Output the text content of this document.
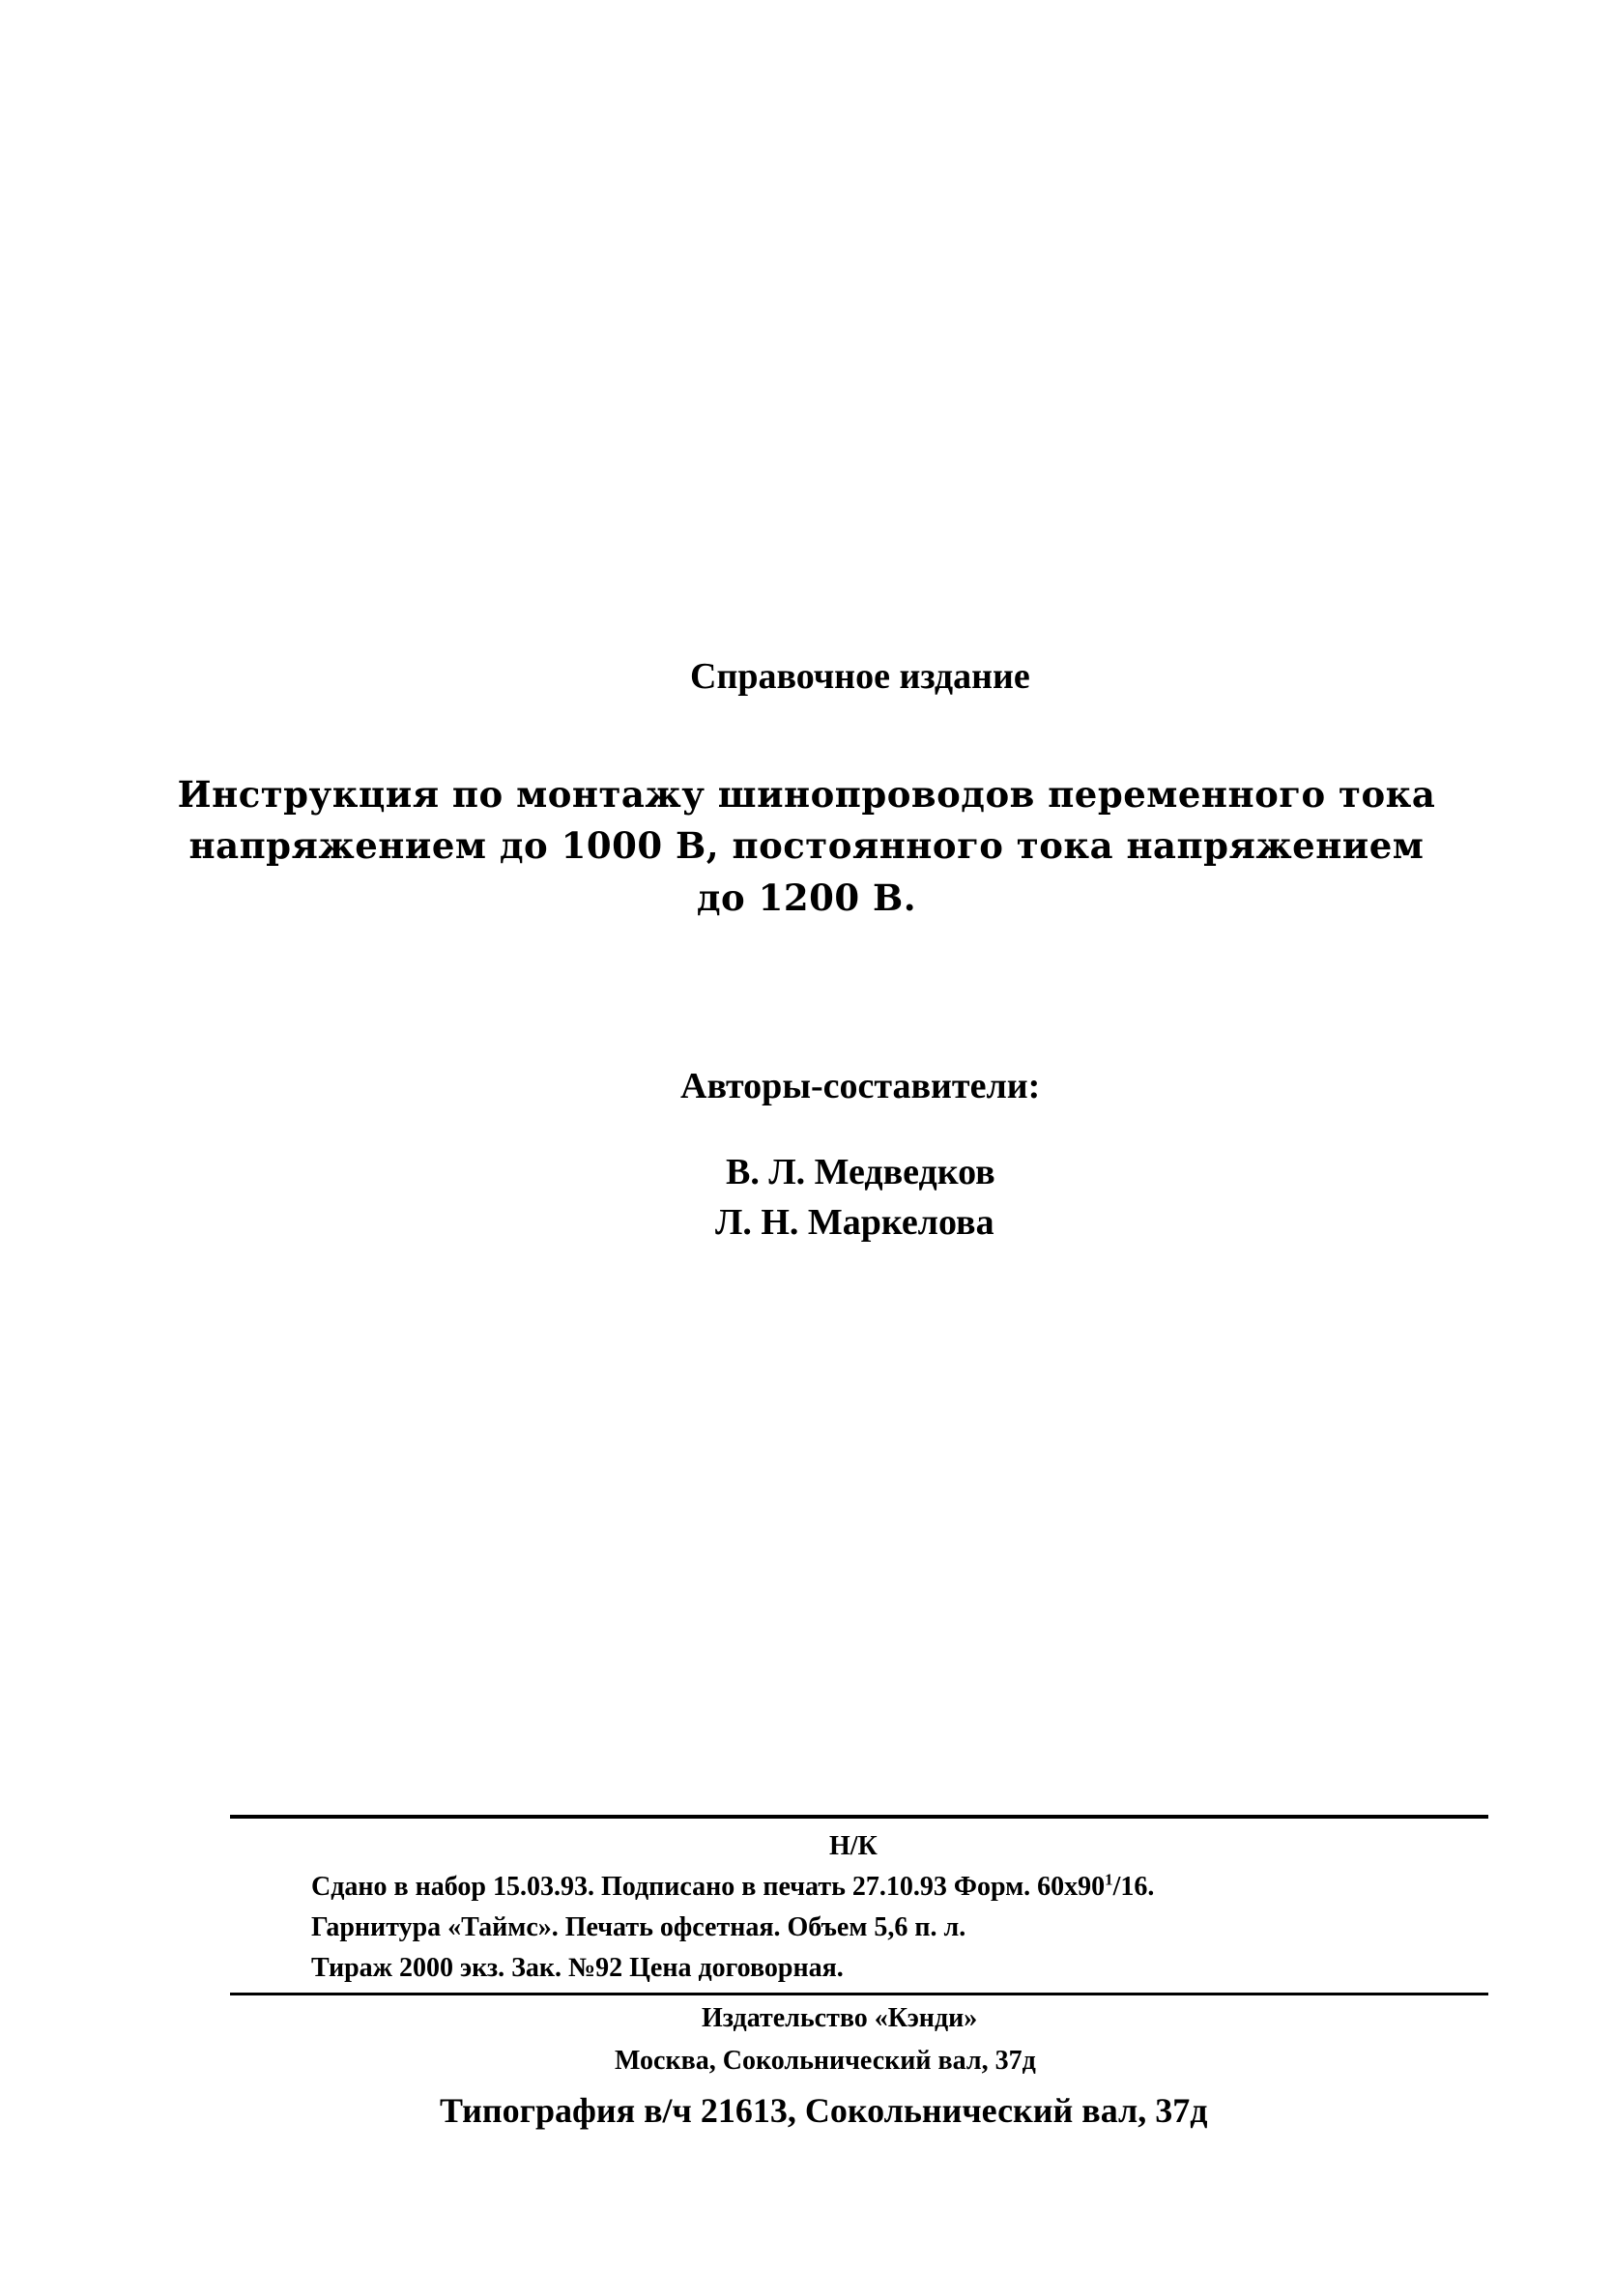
Справочное издание
Инструкция по монтажу шинопроводов переменного тока
напряжением до 1000 В, постоянного тока напряжением
до 1200 В.
Авторы-составители:
В. Л. Медведков
Л. Н. Маркелова
Н/К
Сдано в набор 15.03.93. Подписано в печать 27.10.93 Форм. $60х90^1/16$.
Гарнитура «Таймс». Печать офсетная. Объем 5,6 п. л.
Тираж 2000 экз. Зак. №92 Цена договорная.
Издательство «Кэнди»
Москва, Сокольнический вал, 37д
Типография в/ч 21613, Сокольнический вал, 37д
